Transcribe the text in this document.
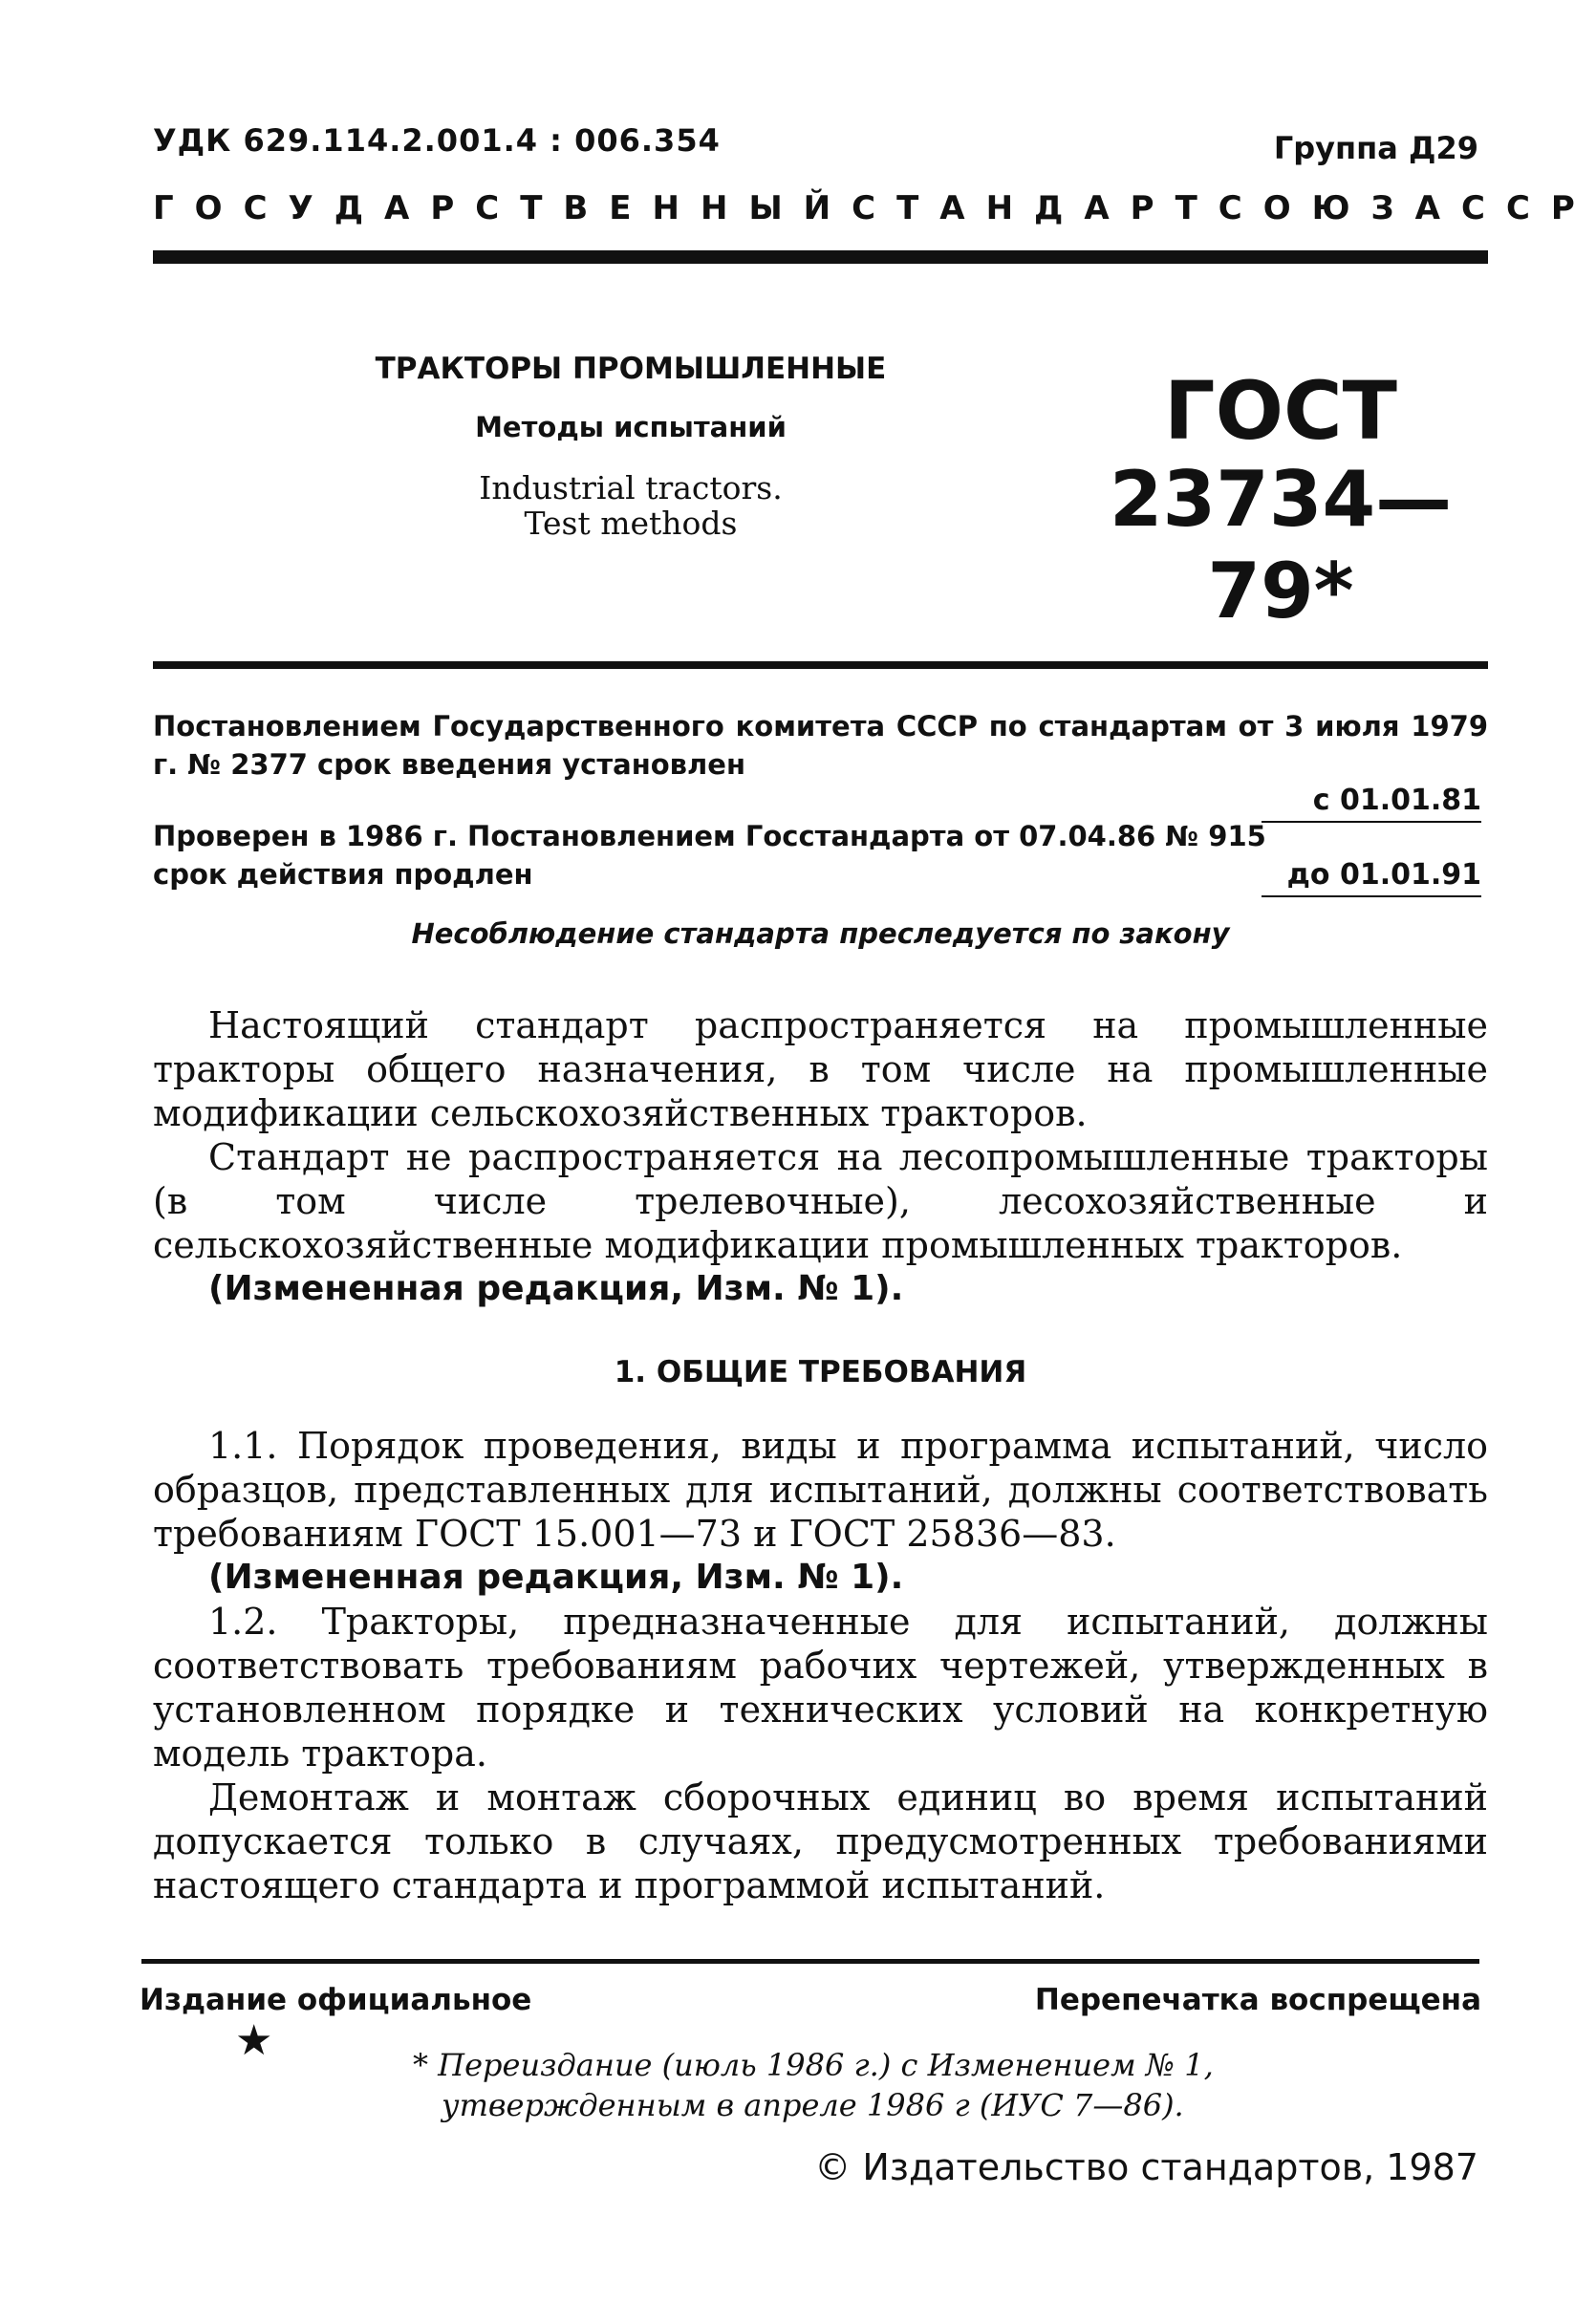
УДК 629.114.2.001.4 : 006.354	Группа Д29
ГОСУДАРСТВЕННЫЙ СТАНДАРТ СОЮЗА ССР
ТРАКТОРЫ ПРОМЫШЛЕННЫЕ
Методы испытаний
Industrial tractors.
Test methods
ГОСТ
23734—79*
Постановлением Государственного комитета СССР по стандартам от 3 июля 1979 г. № 2377 срок введения установлен
с 01.01.81
Проверен в 1986 г. Постановлением Госстандарта от 07.04.86 № 915
срок действия продлен	до 01.01.91
Несоблюдение стандарта преследуется по закону

Настоящий стандарт распространяется на промышленные тракторы общего назначения, в том числе на промышленные модификации сельскохозяйственных тракторов.

Стандарт не распространяется на лесопромышленные тракторы (в том числе трелевочные), лесохозяйственные и сельскохозяйственные модификации промышленных тракторов.

(Измененная редакция, Изм. № 1).

1. ОБЩИЕ ТРЕБОВАНИЯ

1.1. Порядок проведения, виды и программа испытаний, число образцов, представленных для испытаний, должны соответствовать требованиям ГОСТ 15.001—73 и ГОСТ 25836—83.

(Измененная редакция, Изм. № 1).

1.2. Тракторы, предназначенные для испытаний, должны соответствовать требованиям рабочих чертежей, утвержденных в установленном порядке и технических условий на конкретную модель трактора.

Демонтаж и монтаж сборочных единиц во время испытаний допускается только в случаях, предусмотренных требованиями настоящего стандарта и программой испытаний.

Издание официальное	Перепечатка воспрещена
★	* Переиздание (июль 1986 г.) с Изменением № 1,
утвержденным в апреле 1986 г (ИУС 7—86).
© Издательство стандартов, 1987
